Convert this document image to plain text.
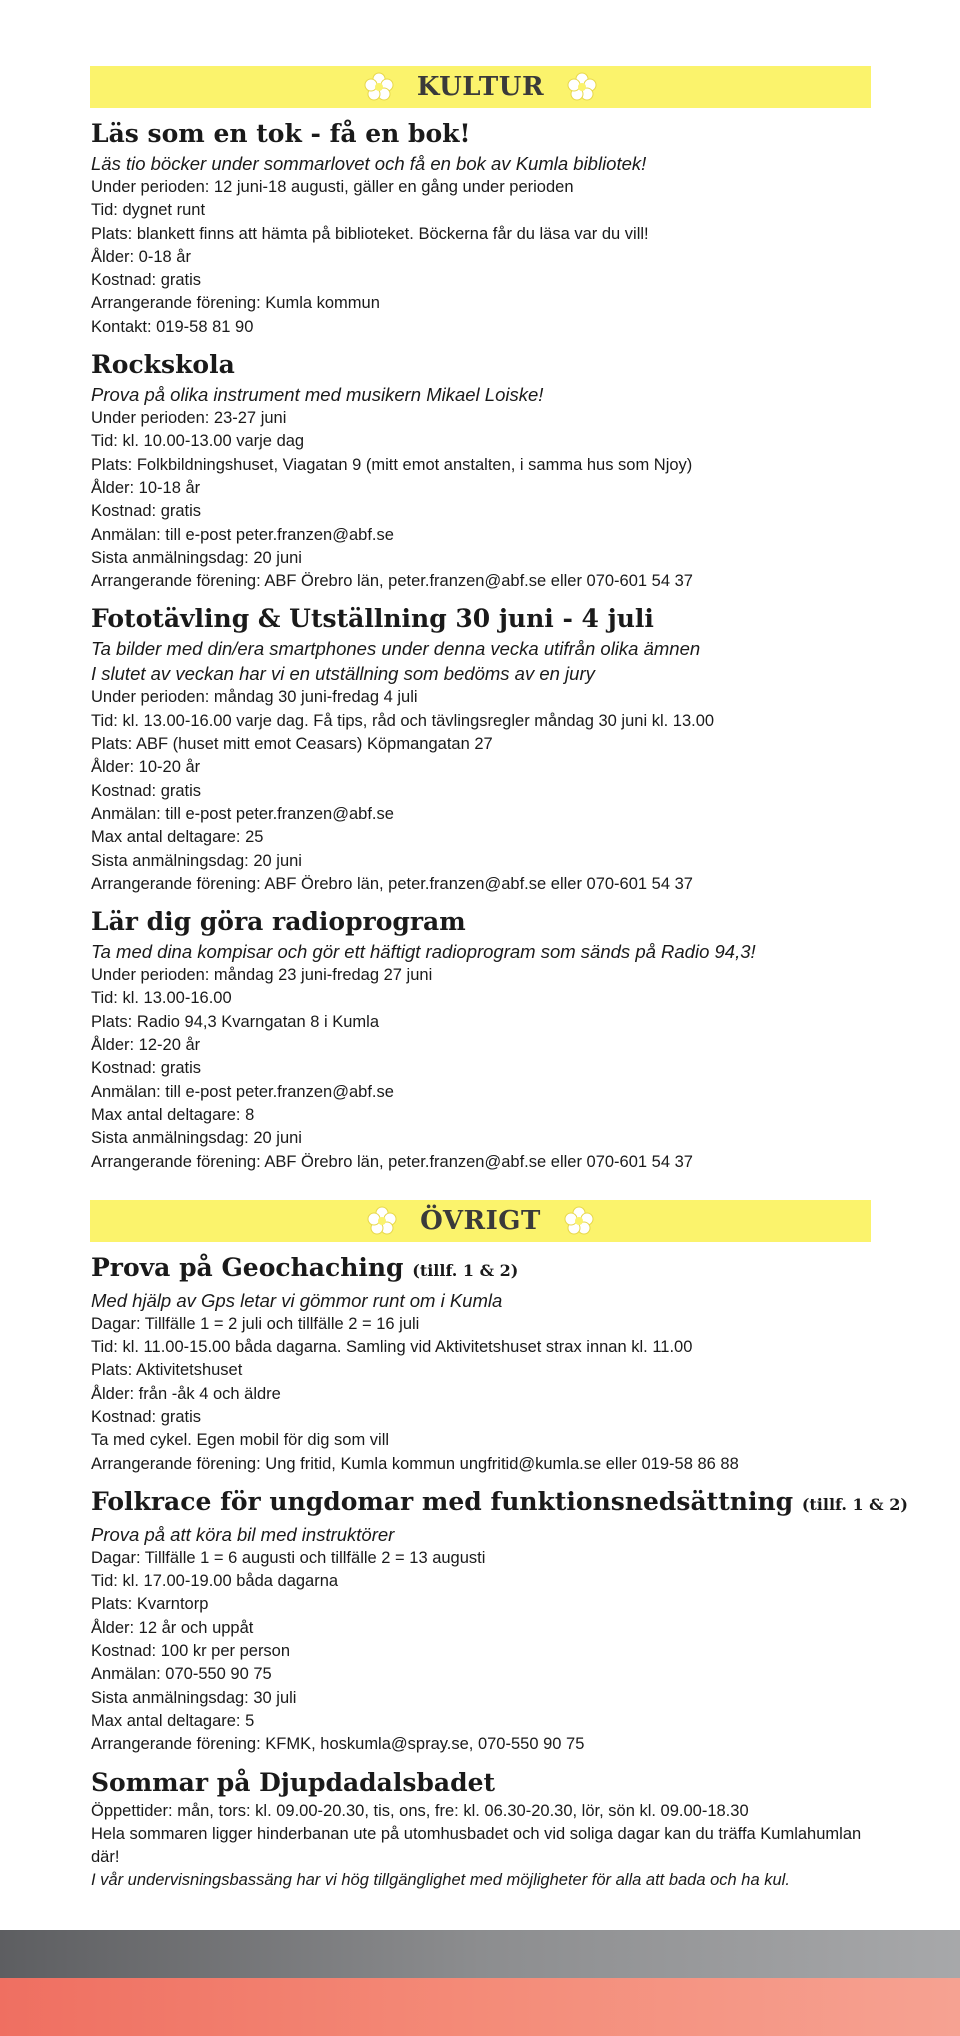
KULTUR
Läs som en tok - få en bok!

Läs tio böcker under sommarlovet och få en bok av Kumla bibliotek!

Under perioden: 12 juni-18 augusti, gäller en gång under perioden

Tid: dygnet runt

Plats: blankett finns att hämta på biblioteket. Böckerna får du läsa var du vill!

Ålder: 0-18 år

Kostnad: gratis

Arrangerande förening: Kumla kommun

Kontakt: 019-58 81 90

Rockskola

Prova på olika instrument med musikern Mikael Loiske!

Under perioden: 23-27 juni

Tid: kl. 10.00-13.00 varje dag

Plats: Folkbildningshuset, Viagatan 9 (mitt emot anstalten, i samma hus som Njoy)

Ålder: 10-18 år

Kostnad: gratis

Anmälan: till e-post peter.franzen@abf.se

Sista anmälningsdag: 20 juni

Arrangerande förening: ABF Örebro län, peter.franzen@abf.se eller 070-601 54 37

Fototävling & Utställning 30 juni - 4 juli

Ta bilder med din/era smartphones under denna vecka utifrån olika ämnen

I slutet av veckan har vi en utställning som bedöms av en jury

Under perioden: måndag 30 juni-fredag 4 juli

Tid: kl. 13.00-16.00 varje dag. Få tips, råd och tävlingsregler måndag 30 juni kl. 13.00

Plats: ABF (huset mitt emot Ceasars) Köpmangatan 27

Ålder: 10-20 år

Kostnad: gratis

Anmälan: till e-post peter.franzen@abf.se

Max antal deltagare: 25

Sista anmälningsdag: 20 juni

Arrangerande förening: ABF Örebro län, peter.franzen@abf.se eller 070-601 54 37

Lär dig göra radioprogram

Ta med dina kompisar och gör ett häftigt radioprogram som sänds på Radio 94,3!

Under perioden: måndag 23 juni-fredag 27 juni

Tid: kl. 13.00-16.00

Plats: Radio 94,3 Kvarngatan 8 i Kumla

Ålder: 12-20 år

Kostnad: gratis

Anmälan: till e-post peter.franzen@abf.se

Max antal deltagare: 8

Sista anmälningsdag: 20 juni

Arrangerande förening: ABF Örebro län, peter.franzen@abf.se eller 070-601 54 37

ÖVRIGT
Prova på Geochaching (tillf. 1 & 2)

Med hjälp av Gps letar vi gömmor runt om i Kumla

Dagar: Tillfälle 1 = 2 juli och tillfälle 2 = 16 juli

Tid: kl. 11.00-15.00 båda dagarna. Samling vid Aktivitetshuset strax innan kl. 11.00

Plats: Aktivitetshuset

Ålder: från -åk 4 och äldre

Kostnad: gratis

Ta med cykel. Egen mobil för dig som vill

Arrangerande förening: Ung fritid, Kumla kommun ungfritid@kumla.se eller 019-58 86 88

Folkrace för ungdomar med funktionsnedsättning (tillf. 1 & 2)

Prova på att köra bil med instruktörer

Dagar: Tillfälle 1 = 6 augusti och tillfälle 2 = 13 augusti

Tid: kl. 17.00-19.00 båda dagarna

Plats: Kvarntorp

Ålder: 12 år och uppåt

Kostnad: 100 kr per person

Anmälan: 070-550 90 75

Sista anmälningsdag: 30 juli

Max antal deltagare: 5

Arrangerande förening: KFMK, hoskumla@spray.se, 070-550 90 75

Sommar på Djupdadalsbadet

Öppettider: mån, tors: kl. 09.00-20.30, tis, ons, fre: kl. 06.30-20.30, lör, sön kl. 09.00-18.30

Hela sommaren ligger hinderbanan ute på utomhusbadet och vid soliga dagar kan du träffa Kumlahumlan där!

I vår undervisningsbassäng har vi hög tillgänglighet med möjligheter för alla att bada och ha kul.
